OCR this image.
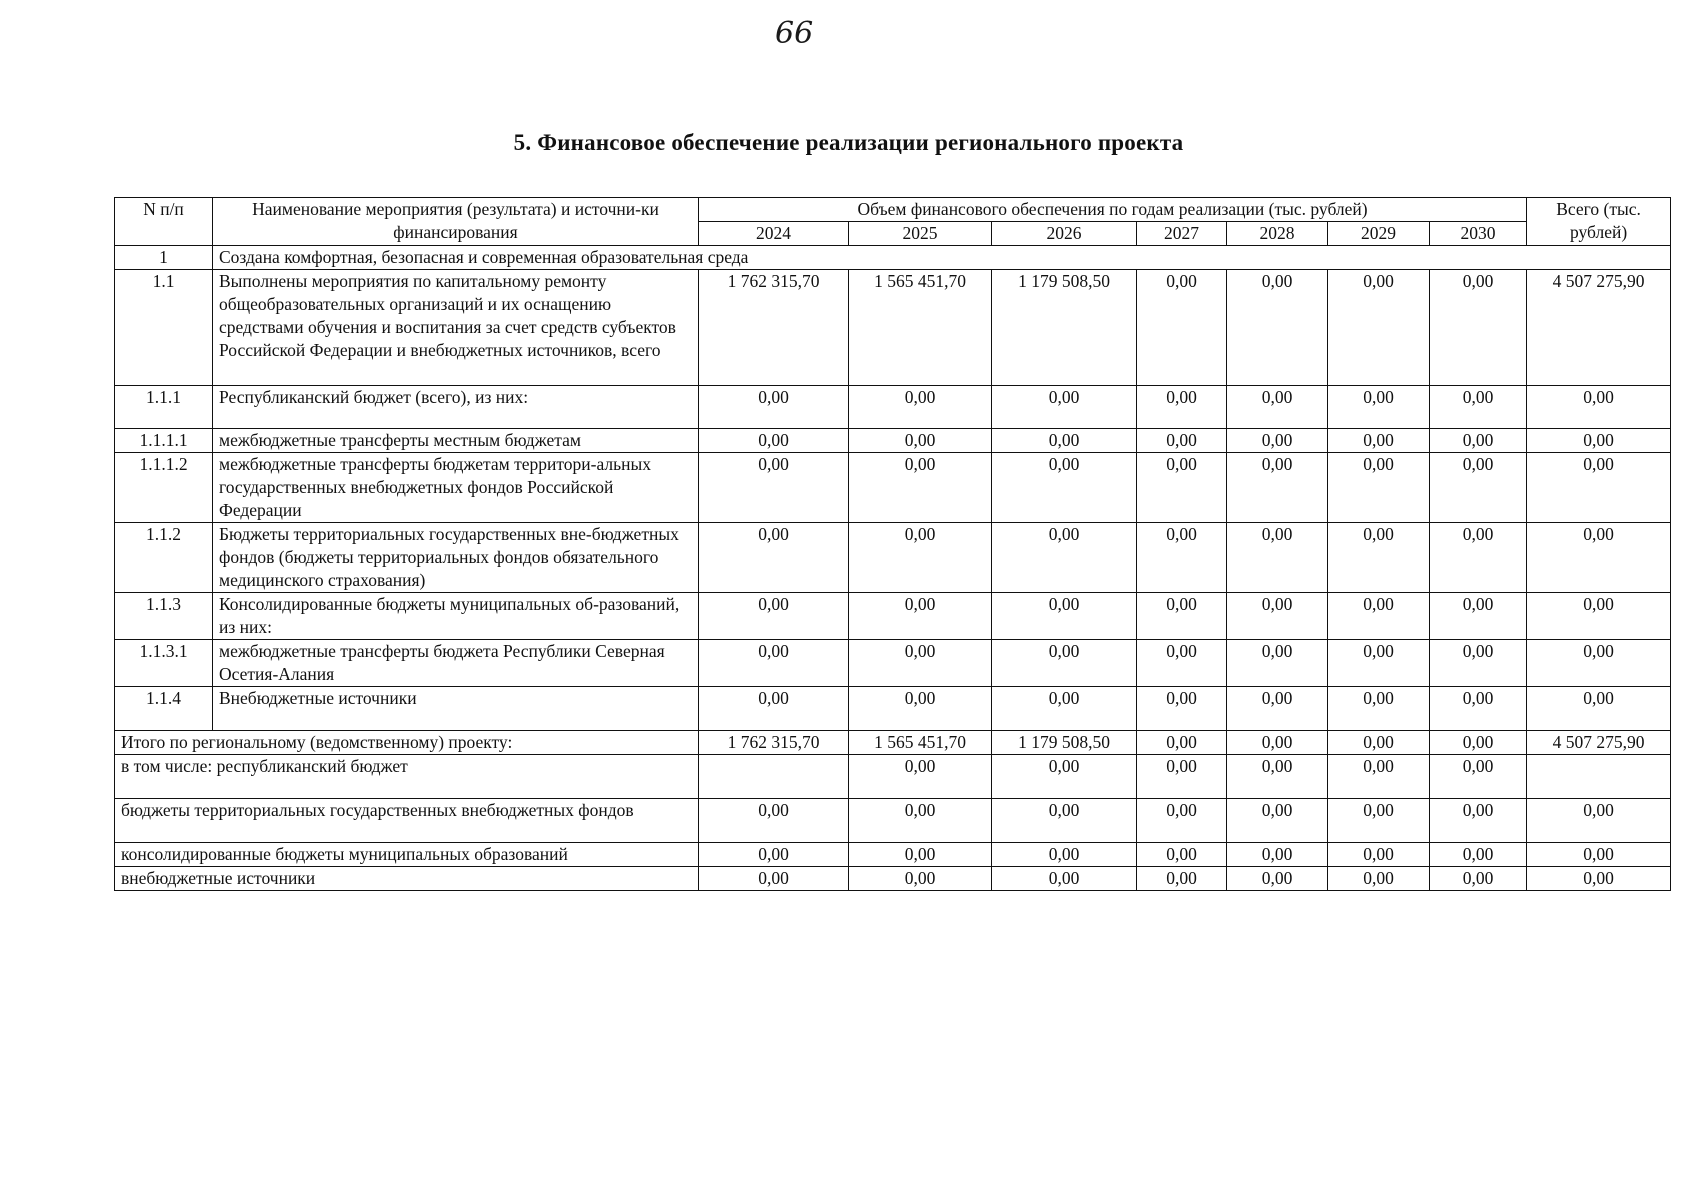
66
5. Финансовое обеспечение реализации регионального проекта
N п/п	Наименование мероприятия (результата) и источни-ки финансирования	Объем финансового обеспечения по годам реализации (тыс. рублей)							Всего (тыс. рублей)
		2024	2025	2026	2027	2028	2029	2030	
1	Создана комфортная, безопасная и современная образовательная среда								
1.1	Выполнены мероприятия по капитальному ремонту общеобразовательных организаций и их оснащению средствами обучения и воспитания за счет средств субъектов Российской Федерации и внебюджетных источников, всего	1 762 315,70	1 565 451,70	1 179 508,50	0,00	0,00	0,00	0,00	4 507 275,90
1.1.1	Республиканский бюджет (всего), из них:	0,00	0,00	0,00	0,00	0,00	0,00	0,00	0,00
1.1.1.1	межбюджетные трансферты местным бюджетам	0,00	0,00	0,00	0,00	0,00	0,00	0,00	0,00
1.1.1.2	межбюджетные трансферты бюджетам территори-альных государственных внебюджетных фондов Российской Федерации	0,00	0,00	0,00	0,00	0,00	0,00	0,00	0,00
1.1.2	Бюджеты территориальных государственных вне-бюджетных фондов (бюджеты территориальных фондов обязательного медицинского страхования)	0,00	0,00	0,00	0,00	0,00	0,00	0,00	0,00
1.1.3	Консолидированные бюджеты муниципальных об-разований, из них:	0,00	0,00	0,00	0,00	0,00	0,00	0,00	0,00
1.1.3.1	межбюджетные трансферты бюджета Республики Северная Осетия-Алания	0,00	0,00	0,00	0,00	0,00	0,00	0,00	0,00
1.1.4	Внебюджетные источники	0,00	0,00	0,00	0,00	0,00	0,00	0,00	0,00
Итого по региональному (ведомственному) проекту:		1 762 315,70	1 565 451,70	1 179 508,50	0,00	0,00	0,00	0,00	4 507 275,90
в том числе: республиканский бюджет			0,00	0,00	0,00	0,00	0,00	0,00	
бюджеты территориальных государственных внебюджетных фондов		0,00	0,00	0,00	0,00	0,00	0,00	0,00	0,00
консолидированные бюджеты муниципальных образований		0,00	0,00	0,00	0,00	0,00	0,00	0,00	0,00
внебюджетные источники		0,00	0,00	0,00	0,00	0,00	0,00	0,00	0,00
